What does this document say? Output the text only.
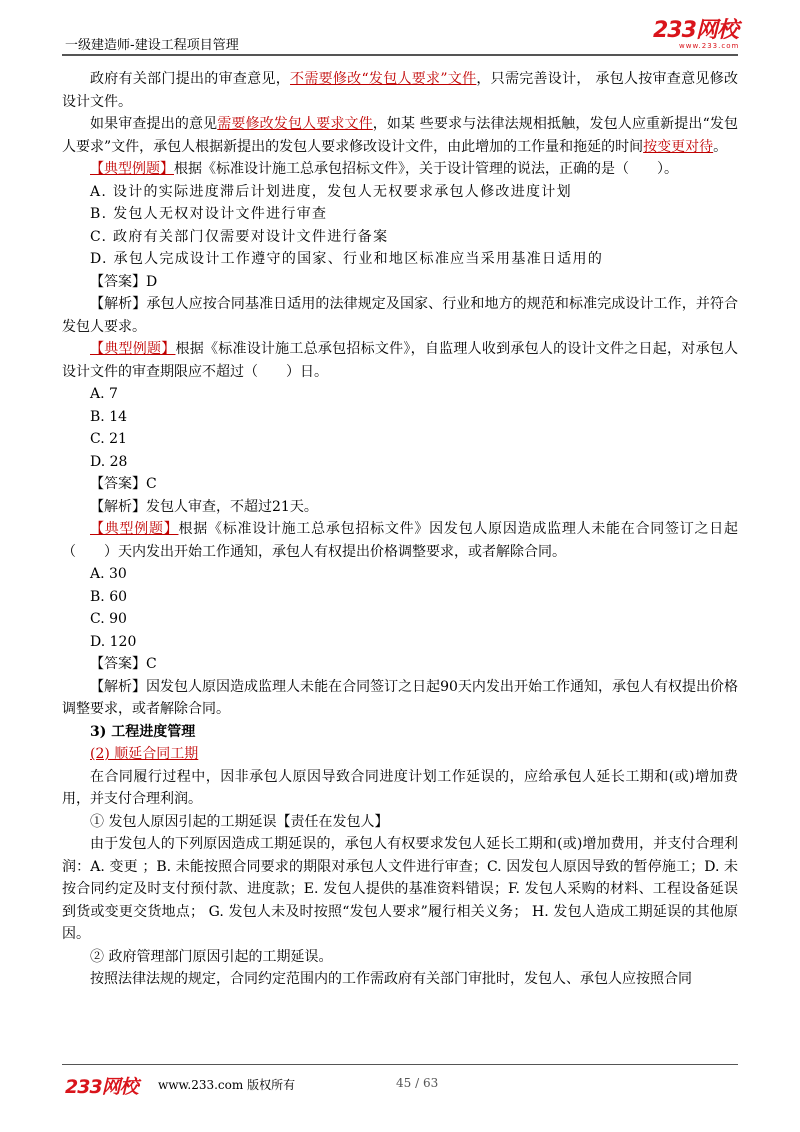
一级建造师-建设工程项目管理
233网校
www.233.com

政府有关部门提出的审查意见，不需要修改“发包人要求”文件，只需完善设计， 承包人按审查意见修改设计文件。

如果审查提出的意见需要修改发包人要求文件，如某 些要求与法律法规相抵触，发包人应重新提出“发包人要求”文件，承包人根据新提出的发包人要求修改设计文件，由此增加的工作量和拖延的时间按变更对待。

【典型例题】根据《标准设计施工总承包招标文件》，关于设计管理的说法，正确的是（　　）。

A. 设计的实际进度滞后计划进度，发包人无权要求承包人修改进度计划

B. 发包人无权对设计文件进行审查

C. 政府有关部门仅需要对设计文件进行备案

D. 承包人完成设计工作遵守的国家、行业和地区标准应当采用基准日适用的

【答案】D

【解析】承包人应按合同基准日适用的法律规定及国家、行业和地方的规范和标准完成设计工作，并符合发包人要求。

【典型例题】根据《标准设计施工总承包招标文件》，自监理人收到承包人的设计文件之日起，对承包人设计文件的审查期限应不超过（　　）日。

A. 7

B. 14

C. 21

D. 28

【答案】C

【解析】发包人审查，不超过21天。

【典型例题】根据《标准设计施工总承包招标文件》因发包人原因造成监理人未能在合同签订之日起（　　）天内发出开始工作通知，承包人有权提出价格调整要求，或者解除合同。

A. 30

B. 60

C. 90

D. 120

【答案】C

【解析】因发包人原因造成监理人未能在合同签订之日起90天内发出开始工作通知，承包人有权提出价格调整要求，或者解除合同。

3) 工程进度管理

(2) 顺延合同工期

在合同履行过程中，因非承包人原因导致合同进度计划工作延误的，应给承包人延长工期和(或)增加费用，并支付合理利润。

① 发包人原因引起的工期延误【责任在发包人】

由于发包人的下列原因造成工期延误的，承包人有权要求发包人延长工期和(或)增加费用，并支付合理利润：A. 变更 ；B. 未能按照合同要求的期限对承包人文件进行审查；C. 因发包人原因导致的暂停施工；D. 未按合同约定及时支付预付款、进度款；E. 发包人提供的基准资料错误；F. 发包人采购的材料、工程设备延误到货或变更交货地点； G. 发包人未及时按照“发包人要求”履行相关义务； H. 发包人造成工期延误的其他原因。

② 政府管理部门原因引起的工期延误。

按照法律法规的规定，合同约定范围内的工作需政府有关部门审批时，发包人、承包人应按照合同

233网校 www.233.com 版权所有	45 / 63
